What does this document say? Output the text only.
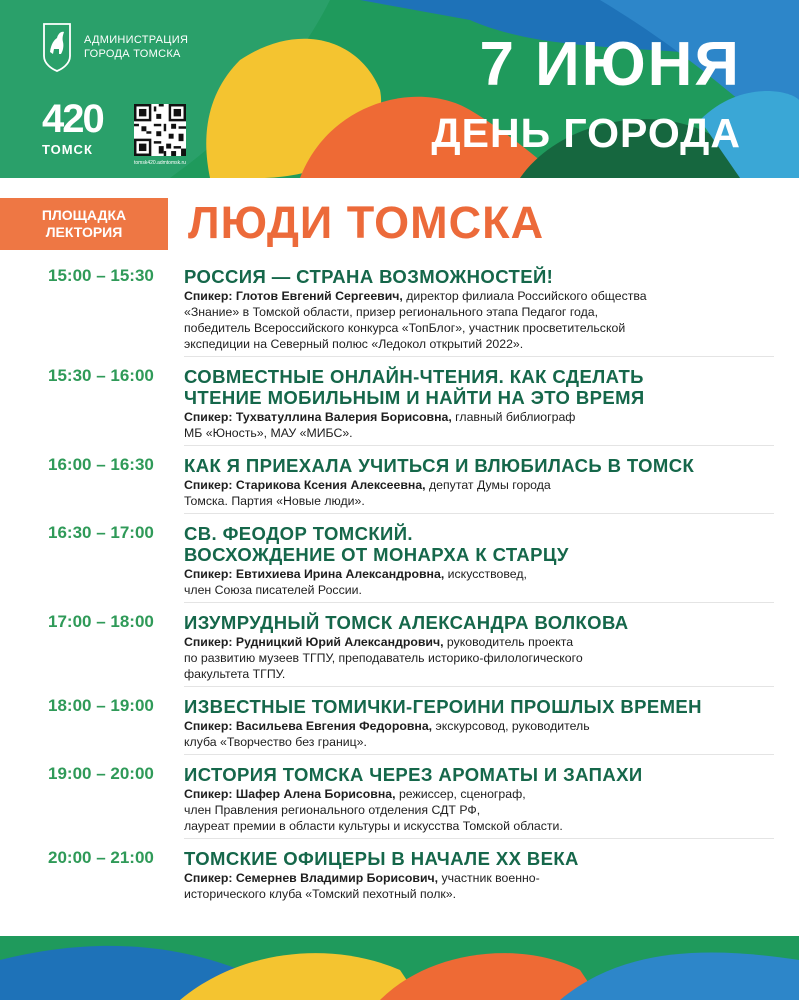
АДМИНИСТРАЦИЯ
ГОРОДА ТОМСКА
420
ТОМСК
tomsk420.admtomsk.ru
7 ИЮНЯ
ДЕНЬ ГОРОДА
ПЛОЩАДКА
ЛЕКТОРИЯ	ЛЮДИ ТОМСКА
15:00 – 15:30 РОССИЯ — СТРАНА ВОЗМОЖНОСТЕЙ!
Спикер: Глотов Евгений Сергеевич, директор филиала Российского общества
«Знание» в Томской области, призер регионального этапа Педагог года,
победитель Всероссийского конкурса «ТопБлог», участник просветительской
экспедиции на Северный полюс «Ледокол открытий 2022».
15:30 – 16:00 СОВМЕСТНЫЕ ОНЛАЙН-ЧТЕНИЯ. КАК СДЕЛАТЬ
ЧТЕНИЕ МОБИЛЬНЫМ И НАЙТИ НА ЭТО ВРЕМЯ
Спикер: Тухватуллина Валерия Борисовна, главный библиограф
МБ «Юность», МАУ «МИБС».
16:00 – 16:30 КАК Я ПРИЕХАЛА УЧИТЬСЯ И ВЛЮБИЛАСЬ В ТОМСК
Спикер: Старикова Ксения Алексеевна, депутат Думы города
Томска. Партия «Новые люди».
16:30 – 17:00 СВ. ФЕОДОР ТОМСКИЙ.
ВОСХОЖДЕНИЕ ОТ МОНАРХА К СТАРЦУ
Спикер: Евтихиева Ирина Александровна, искусствовед,
член Союза писателей России.
17:00 – 18:00 ИЗУМРУДНЫЙ ТОМСК АЛЕКСАНДРА ВОЛКОВА
Спикер: Рудницкий Юрий Александрович, руководитель проекта
по развитию музеев ТГПУ, преподаватель историко-филологического
факультета ТГПУ.
18:00 – 19:00 ИЗВЕСТНЫЕ ТОМИЧКИ-ГЕРОИНИ ПРОШЛЫХ ВРЕМЕН
Спикер: Васильева Евгения Федоровна, экскурсовод, руководитель
клуба «Творчество без границ».
19:00 – 20:00 ИСТОРИЯ ТОМСКА ЧЕРЕЗ АРОМАТЫ И ЗАПАХИ
Спикер: Шафер Алена Борисовна, режиссер, сценограф,
член Правления регионального отделения СДТ РФ,
лауреат премии в области культуры и искусства Томской области.
20:00 – 21:00 ТОМСКИЕ ОФИЦЕРЫ В НАЧАЛЕ XX ВЕКА
Спикер: Семернев Владимир Борисович, участник военно-
исторического клуба «Томский пехотный полк».
